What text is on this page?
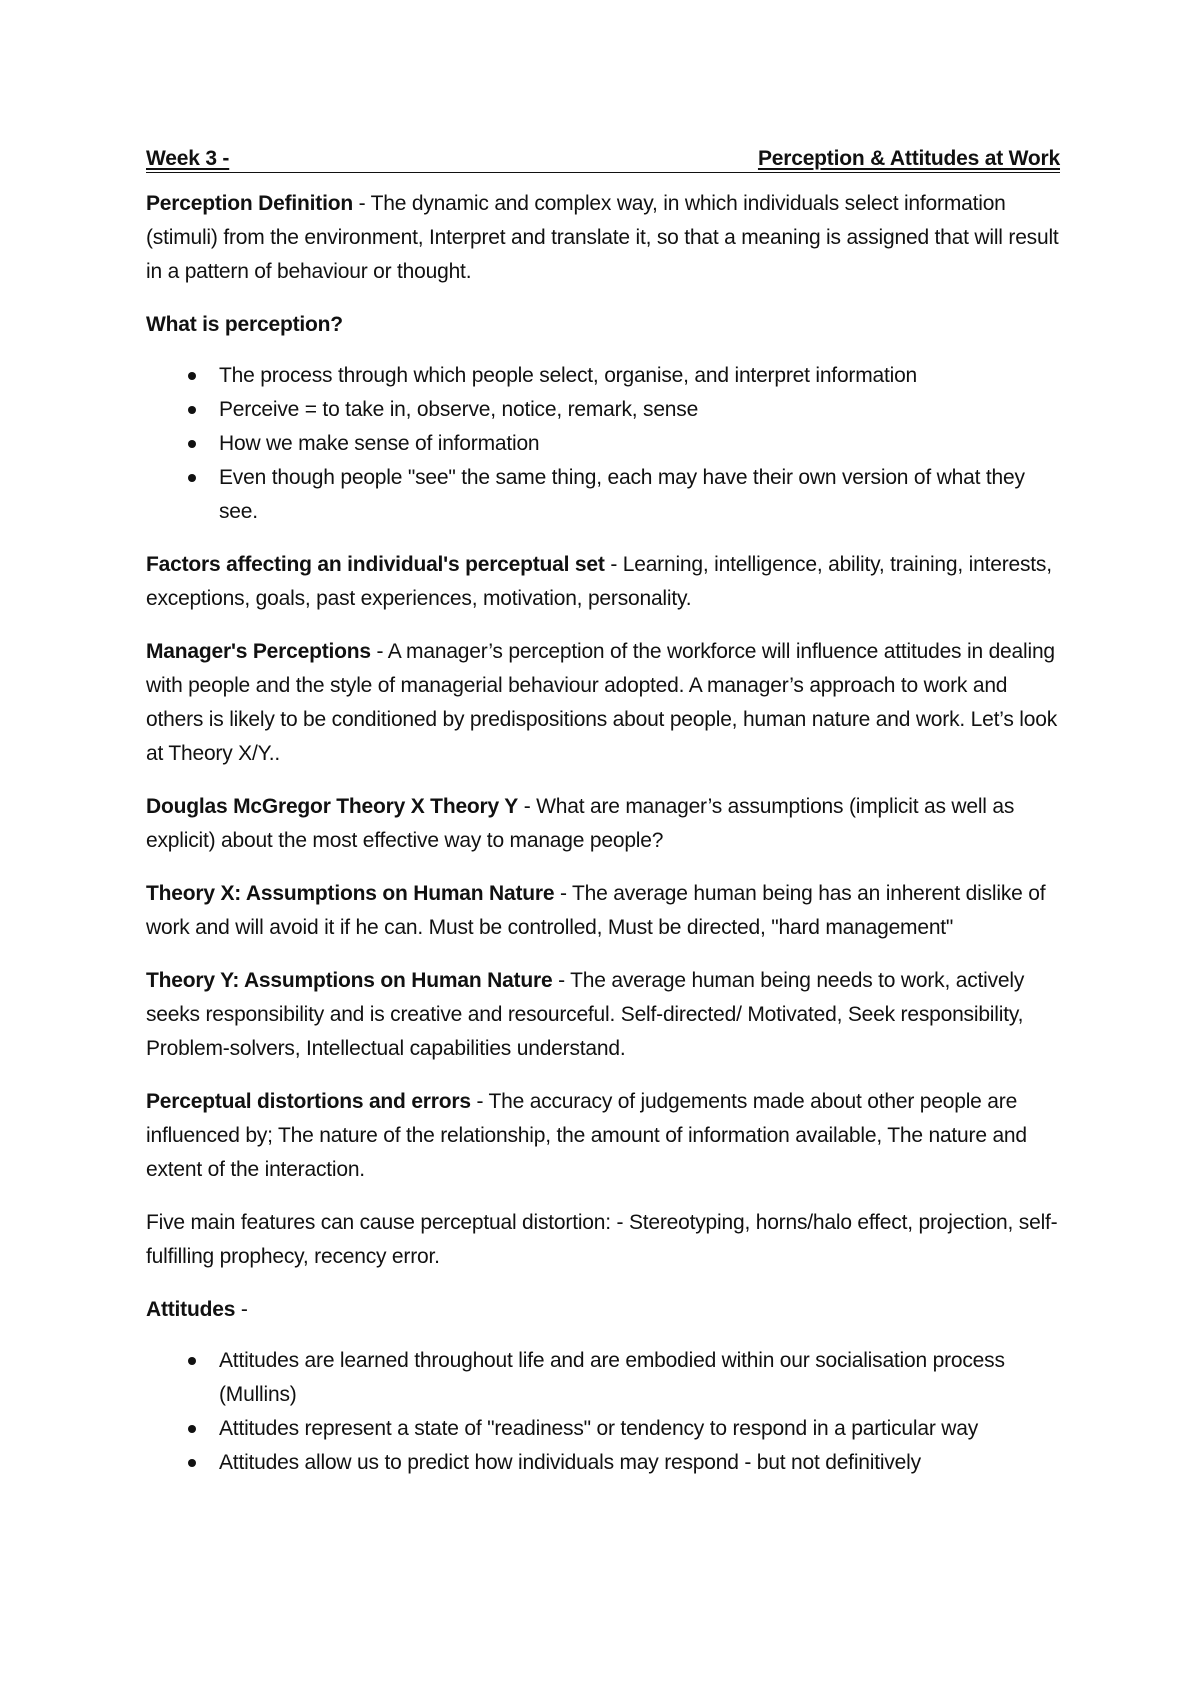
Week 3 -	Perception & Attitudes at Work

Perception Definition - The dynamic and complex way, in which individuals select information (stimuli) from the environment, Interpret and translate it, so that a meaning is assigned that will result in a pattern of behaviour or thought.

What is perception?

The process through which people select, organise, and interpret information
Perceive = to take in, observe, notice, remark, sense
How we make sense of information
Even though people "see" the same thing, each may have their own version of what they see.

Factors affecting an individual's perceptual set - Learning, intelligence, ability, training, interests, exceptions, goals, past experiences, motivation, personality.

Manager's Perceptions - A manager’s perception of the workforce will influence attitudes in dealing with people and the style of managerial behaviour adopted. A manager’s approach to work and others is likely to be conditioned by predispositions about people, human nature and work. Let’s look at Theory X/Y..

Douglas McGregor Theory X Theory Y - What are manager’s assumptions (implicit as well as explicit) about the most effective way to manage people?

Theory X: Assumptions on Human Nature - The average human being has an inherent dislike of work and will avoid it if he can. Must be controlled, Must be directed, "hard management"

Theory Y: Assumptions on Human Nature - The average human being needs to work, actively seeks responsibility and is creative and resourceful. Self-directed/ Motivated, Seek responsibility, Problem-solvers, Intellectual capabilities understand.

Perceptual distortions and errors - The accuracy of judgements made about other people are influenced by; The nature of the relationship, the amount of information available, The nature and extent of the interaction.

Five main features can cause perceptual distortion: - Stereotyping, horns/halo effect, projection, self-fulfilling prophecy, recency error.

Attitudes -

Attitudes are learned throughout life and are embodied within our socialisation process (Mullins)
Attitudes represent a state of "readiness" or tendency to respond in a particular way
Attitudes allow us to predict how individuals may respond - but not definitively
